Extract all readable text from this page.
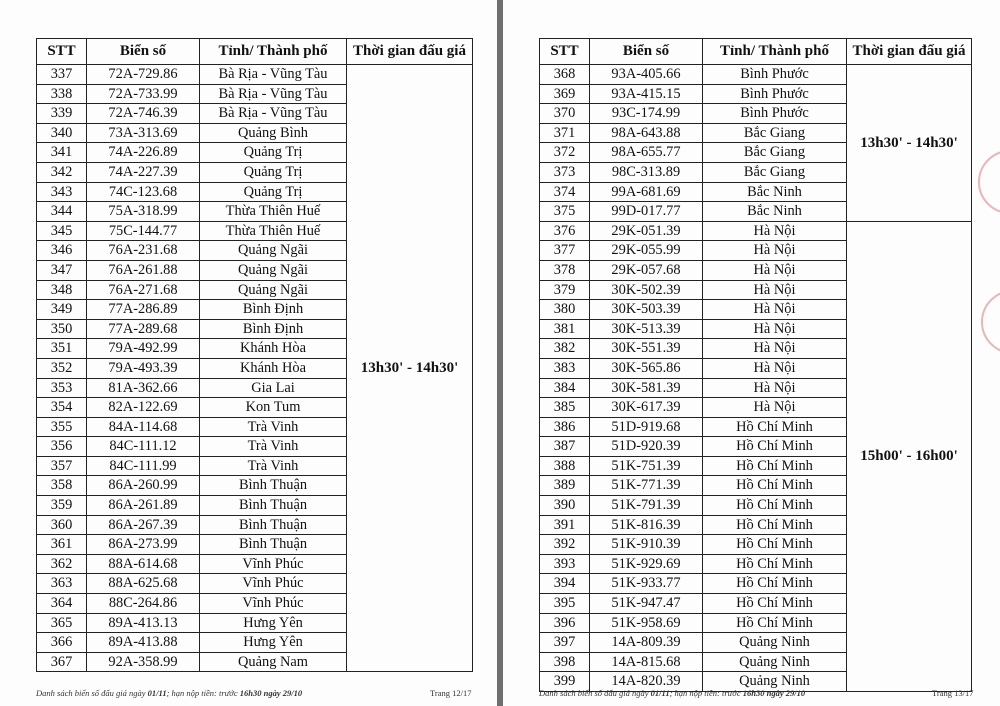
STT	Biển số	Tỉnh/ Thành phố	Thời gian đấu giá
337	72A-729.86	Bà Rịa - Vũng Tàu	13h30' - 14h30'
338	72A-733.99	Bà Rịa - Vũng Tàu	
339	72A-746.39	Bà Rịa - Vũng Tàu	
340	73A-313.69	Quảng Bình	
341	74A-226.89	Quảng Trị	
342	74A-227.39	Quảng Trị	
343	74C-123.68	Quảng Trị	
344	75A-318.99	Thừa Thiên Huế	
345	75C-144.77	Thừa Thiên Huế	
346	76A-231.68	Quảng Ngãi	
347	76A-261.88	Quảng Ngãi	
348	76A-271.68	Quảng Ngãi	
349	77A-286.89	Bình Định	
350	77A-289.68	Bình Định	
351	79A-492.99	Khánh Hòa	
352	79A-493.39	Khánh Hòa	
353	81A-362.66	Gia Lai	
354	82A-122.69	Kon Tum	
355	84A-114.68	Trà Vinh	
356	84C-111.12	Trà Vinh	
357	84C-111.99	Trà Vinh	
358	86A-260.99	Bình Thuận	
359	86A-261.89	Bình Thuận	
360	86A-267.39	Bình Thuận	
361	86A-273.99	Bình Thuận	
362	88A-614.68	Vĩnh Phúc	
363	88A-625.68	Vĩnh Phúc	
364	88C-264.86	Vĩnh Phúc	
365	89A-413.13	Hưng Yên	
366	89A-413.88	Hưng Yên	
367	92A-358.99	Quảng Nam	
Danh sách biển số đấu giá ngày 01/11; hạn nộp tiền: trước 16h30 ngày 29/10	Trang 12/17
STT	Biển số	Tỉnh/ Thành phố	Thời gian đấu giá
368	93A-405.66	Bình Phước	13h30' - 14h30'
369	93A-415.15	Bình Phước	
370	93C-174.99	Bình Phước	
371	98A-643.88	Bắc Giang	
372	98A-655.77	Bắc Giang	
373	98C-313.89	Bắc Giang	
374	99A-681.69	Bắc Ninh	
375	99D-017.77	Bắc Ninh	
376	29K-051.39	Hà Nội	15h00' - 16h00'
377	29K-055.99	Hà Nội	
378	29K-057.68	Hà Nội	
379	30K-502.39	Hà Nội	
380	30K-503.39	Hà Nội	
381	30K-513.39	Hà Nội	
382	30K-551.39	Hà Nội	
383	30K-565.86	Hà Nội	
384	30K-581.39	Hà Nội	
385	30K-617.39	Hà Nội	
386	51D-919.68	Hồ Chí Minh	
387	51D-920.39	Hồ Chí Minh	
388	51K-751.39	Hồ Chí Minh	
389	51K-771.39	Hồ Chí Minh	
390	51K-791.39	Hồ Chí Minh	
391	51K-816.39	Hồ Chí Minh	
392	51K-910.39	Hồ Chí Minh	
393	51K-929.69	Hồ Chí Minh	
394	51K-933.77	Hồ Chí Minh	
395	51K-947.47	Hồ Chí Minh	
396	51K-958.69	Hồ Chí Minh	
397	14A-809.39	Quảng Ninh	
398	14A-815.68	Quảng Ninh	
399	14A-820.39	Quảng Ninh	
Danh sách biển số đấu giá ngày 01/11; hạn nộp tiền: trước 16h30 ngày 29/10	Trang 13/17
